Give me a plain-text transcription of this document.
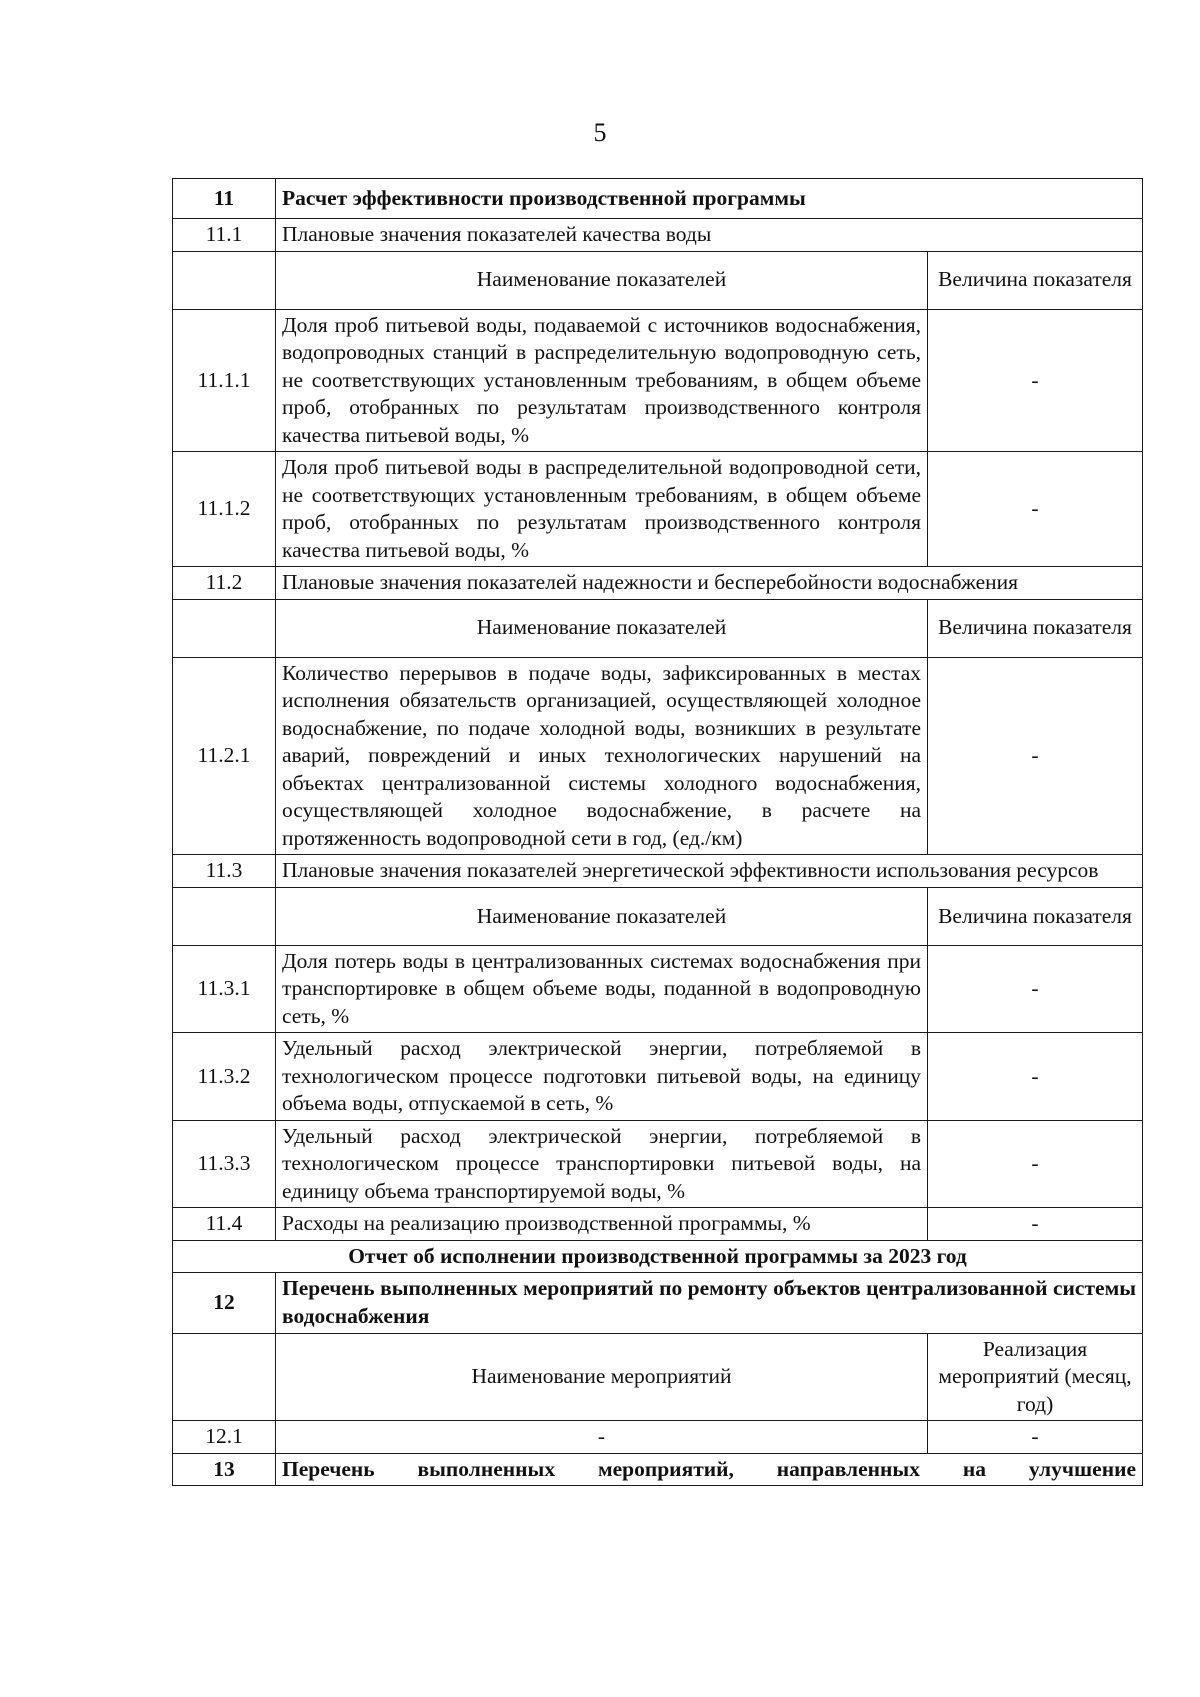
5
11	Расчет эффективности производственной программы	
11.1	Плановые значения показателей качества воды	
	Наименование показателей	Величина показателя
11.1.1	Доля проб питьевой воды, подаваемой с источников водоснабжения, водопроводных станций в распределительную водопроводную сеть, не соответствующих установленным требованиям, в общем объеме проб, отобранных по результатам производственного контроля качества питьевой воды, %	-
11.1.2	Доля проб питьевой воды в распределительной водопроводной сети, не соответствующих установленным требованиям, в общем объеме проб, отобранных по результатам производственного контроля качества питьевой воды, %	-
11.2	Плановые значения показателей надежности и бесперебойности водоснабжения	
	Наименование показателей	Величина показателя
11.2.1	Количество перерывов в подаче воды, зафиксированных в местах исполнения обязательств организацией, осуществляющей холодное водоснабжение, по подаче холодной воды, возникших в результате аварий, повреждений и иных технологических нарушений на объектах централизованной системы холодного водоснабжения, осуществляющей холодное водоснабжение, в расчете на протяженность водопроводной сети в год, (ед./км)	-
11.3	Плановые значения показателей энергетической эффективности использования ресурсов	
	Наименование показателей	Величина показателя
11.3.1	Доля потерь воды в централизованных системах водоснабжения при транспортировке в общем объеме воды, поданной в водопроводную сеть, %	-
11.3.2	Удельный расход электрической энергии, потребляемой в технологическом процессе подготовки питьевой воды, на единицу объема воды, отпускаемой в сеть, %	-
11.3.3	Удельный расход электрической энергии, потребляемой в технологическом процессе транспортировки питьевой воды, на единицу объема транспортируемой воды, %	-
11.4	Расходы на реализацию производственной программы, %	-
Отчет об исполнении производственной программы за 2023 год		
12	Перечень выполненных мероприятий по ремонту объектов централизованной системы водоснабжения	
	Наименование мероприятий	Реализация мероприятий (месяц, год)
12.1	-	-
13	Перечень выполненных мероприятий, направленных на улучшение	
